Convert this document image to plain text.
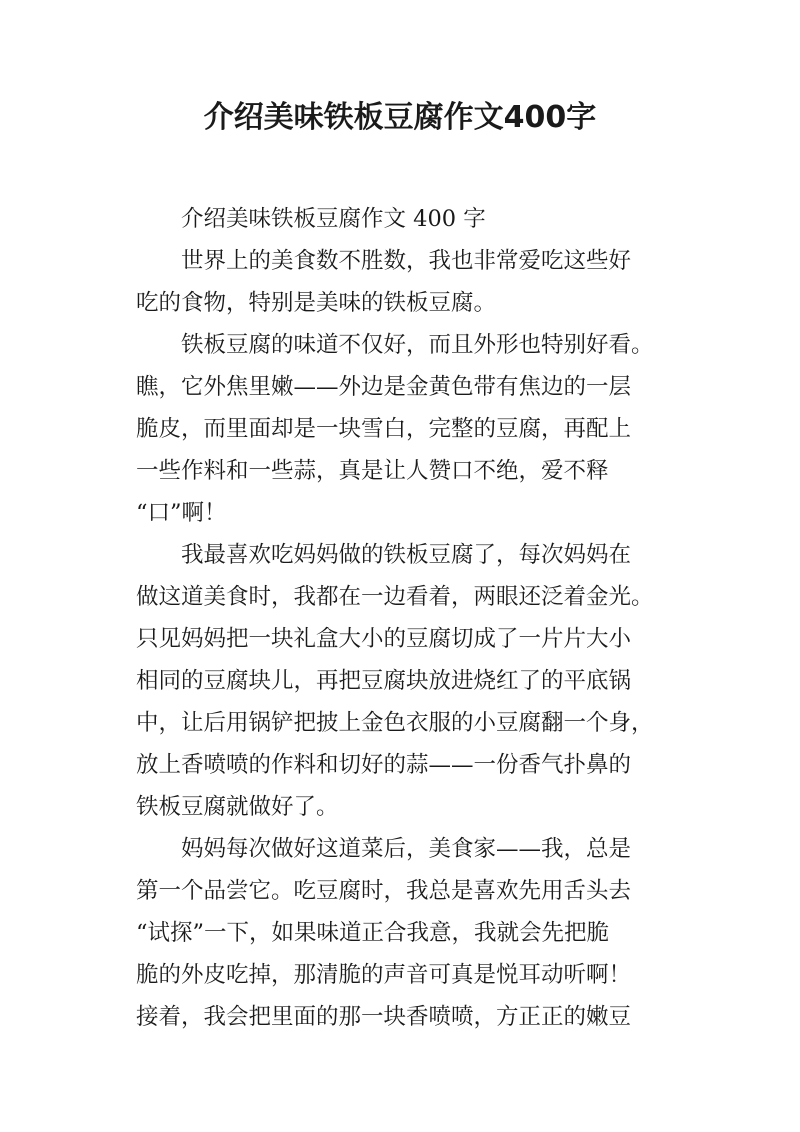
介绍美味铁板豆腐作文400字
介绍美味铁板豆腐作文 400 字
世界上的美食数不胜数，我也非常爱吃这些好
吃的食物，特别是美味的铁板豆腐。
铁板豆腐的味道不仅好，而且外形也特别好看。
瞧，它外焦里嫩——外边是金黄色带有焦边的一层
脆皮，而里面却是一块雪白，完整的豆腐，再配上
一些作料和一些蒜，真是让人赞口不绝，爱不释
“口”啊！
我最喜欢吃妈妈做的铁板豆腐了，每次妈妈在
做这道美食时，我都在一边看着，两眼还泛着金光。
只见妈妈把一块礼盒大小的豆腐切成了一片片大小
相同的豆腐块儿，再把豆腐块放进烧红了的平底锅
中，让后用锅铲把披上金色衣服的小豆腐翻一个身，
放上香喷喷的作料和切好的蒜——一份香气扑鼻的
铁板豆腐就做好了。
妈妈每次做好这道菜后，美食家——我，总是
第一个品尝它。吃豆腐时，我总是喜欢先用舌头去
“试探”一下，如果味道正合我意，我就会先把脆
脆的外皮吃掉，那清脆的声音可真是悦耳动听啊！
接着，我会把里面的那一块香喷喷，方正正的嫩豆
